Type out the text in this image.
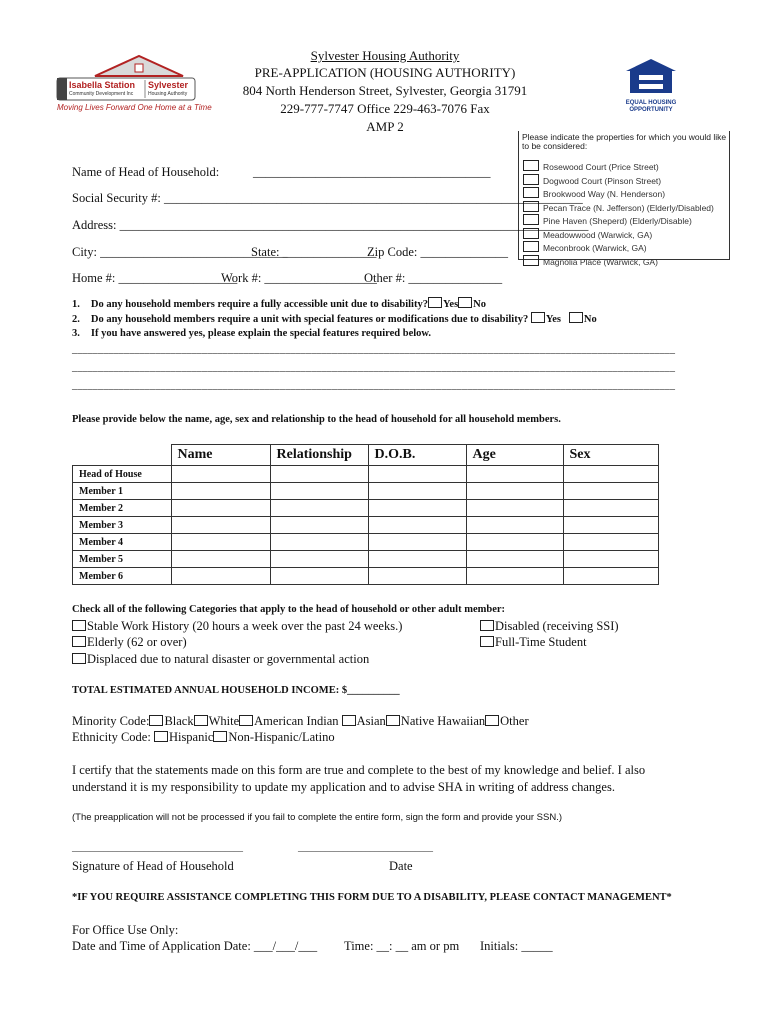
Isabella Station
Community Development Inc
Sylvester
Housing Authority
Moving Lives Forward One Home at a Time
Sylvester Housing Authority
PRE-APPLICATION (HOUSING AUTHORITY)
804 North Henderson Street, Sylvester, Georgia 31791
229-777-7747 Office 229-463-7076 Fax
AMP 2
EQUAL HOUSING
OPPORTUNITY
Please indicate the properties for which you would like to be considered:
Rosewood Court (Price Street)
Dogwood Court (Pinson Street)
Brookwood Way (N. Henderson)
Pecan Trace (N. Jefferson) (Elderly/Disabled)
Pine Haven (Sheperd) (Elderly/Disable)
Meadowwood (Warwick, GA)
Meconbrook (Warwick, GA)
Magnolia Place (Warwick, GA)
Name of Head of Household:	______________________________________
Social Security #: ___________________________________________________________________
Address: ___________________________________________________________________________
City: ______________________________
State: _______________
Zip Code: ______________
Home #: ___________________
Work #: __________________
Other #: _______________
1. Do any household members require a fully accessible unit due to disability? Yes No
2. Do any household members require a unit with special features or modifications due to disability? Yes No
3. If you have answered yes, please explain the special features required below.
____________________________________________________________________________________________________________________
____________________________________________________________________________________________________________________
____________________________________________________________________________________________________________________
Please provide below the name, age, sex and relationship to the head of household for all household members.
	Name	Relationship	D.O.B.	Age	Sex
Head of House					
Member 1					
Member 2					
Member 3					
Member 4					
Member 5					
Member 6					
Check all of the following Categories that apply to the head of household or other adult member:
Stable Work History (20 hours a week over the past 24 weeks.)	Disabled (receiving SSI)
Elderly (62 or over)	Full-Time Student
Displaced due to natural disaster or governmental action
TOTAL ESTIMATED ANNUAL HOUSEHOLD INCOME: $__________
Minority Code: Black White American Indian Asian Native Hawaiian Other
Ethnicity Code: Hispanic Non-Hispanic/Latino
I certify that the statements made on this form are true and complete to the best of my knowledge and belief. I also
understand it is my responsibility to update my application and to advise SHA in writing of address changes.
(The preapplication will not be processed if you fail to complete the entire form, sign the form and provide your SSN.)
______________________________________	______________________________
Signature of Head of Household	Date
*IF YOU REQUIRE ASSISTANCE COMPLETING THIS FORM DUE TO A DISABILITY, PLEASE CONTACT MANAGEMENT*
For Office Use Only:
Date and Time of Application Date: ___/___/___ Time: __: __ am or pm Initials: _____
